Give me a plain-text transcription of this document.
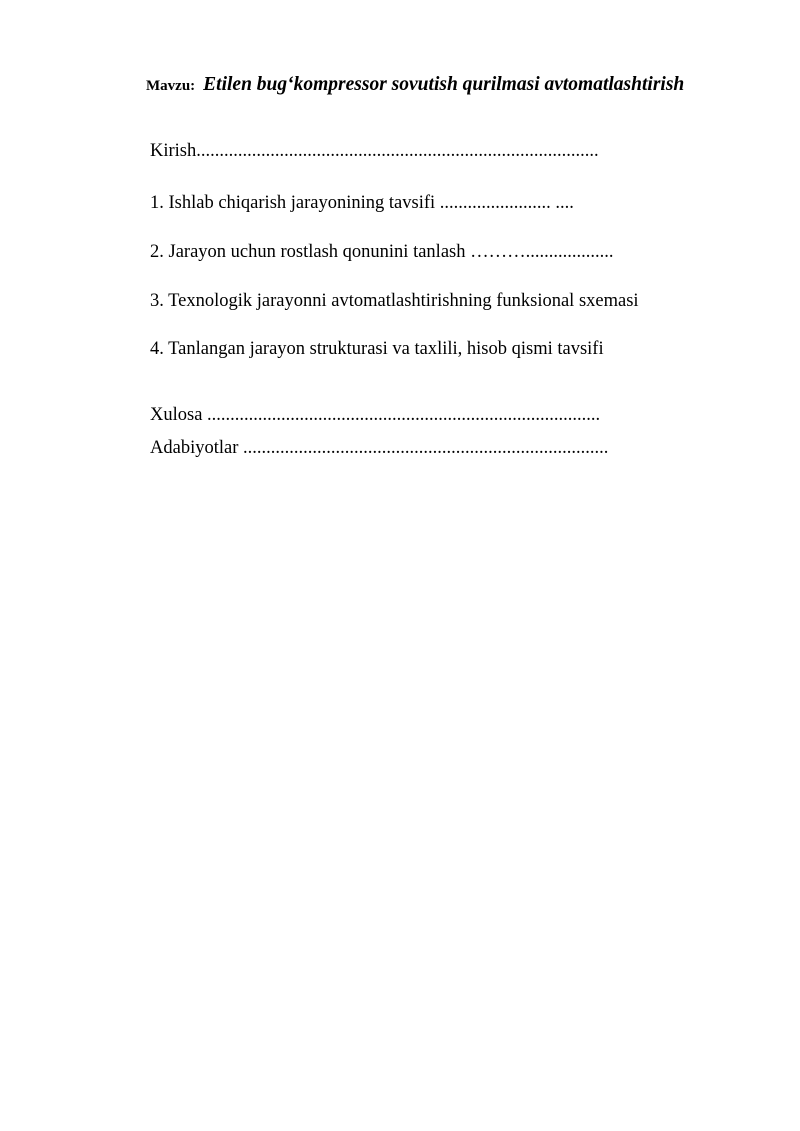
Mavzu: Etilen bug‘kompressor sovutish qurilmasi avtomatlashtirish
Kirish.......................................................................................
1. Ishlab chiqarish jarayonining tavsifi ........................ ....
2. Jarayon uchun rostlash qonunini tanlash ………...................
3. Texnologik jarayonni avtomatlashtirishning funksional sxemasi
4. Tanlangan jarayon strukturasi va taxlili, hisob qismi tavsifi
Xulosa .....................................................................................
Adabiyotlar ...............................................................................
